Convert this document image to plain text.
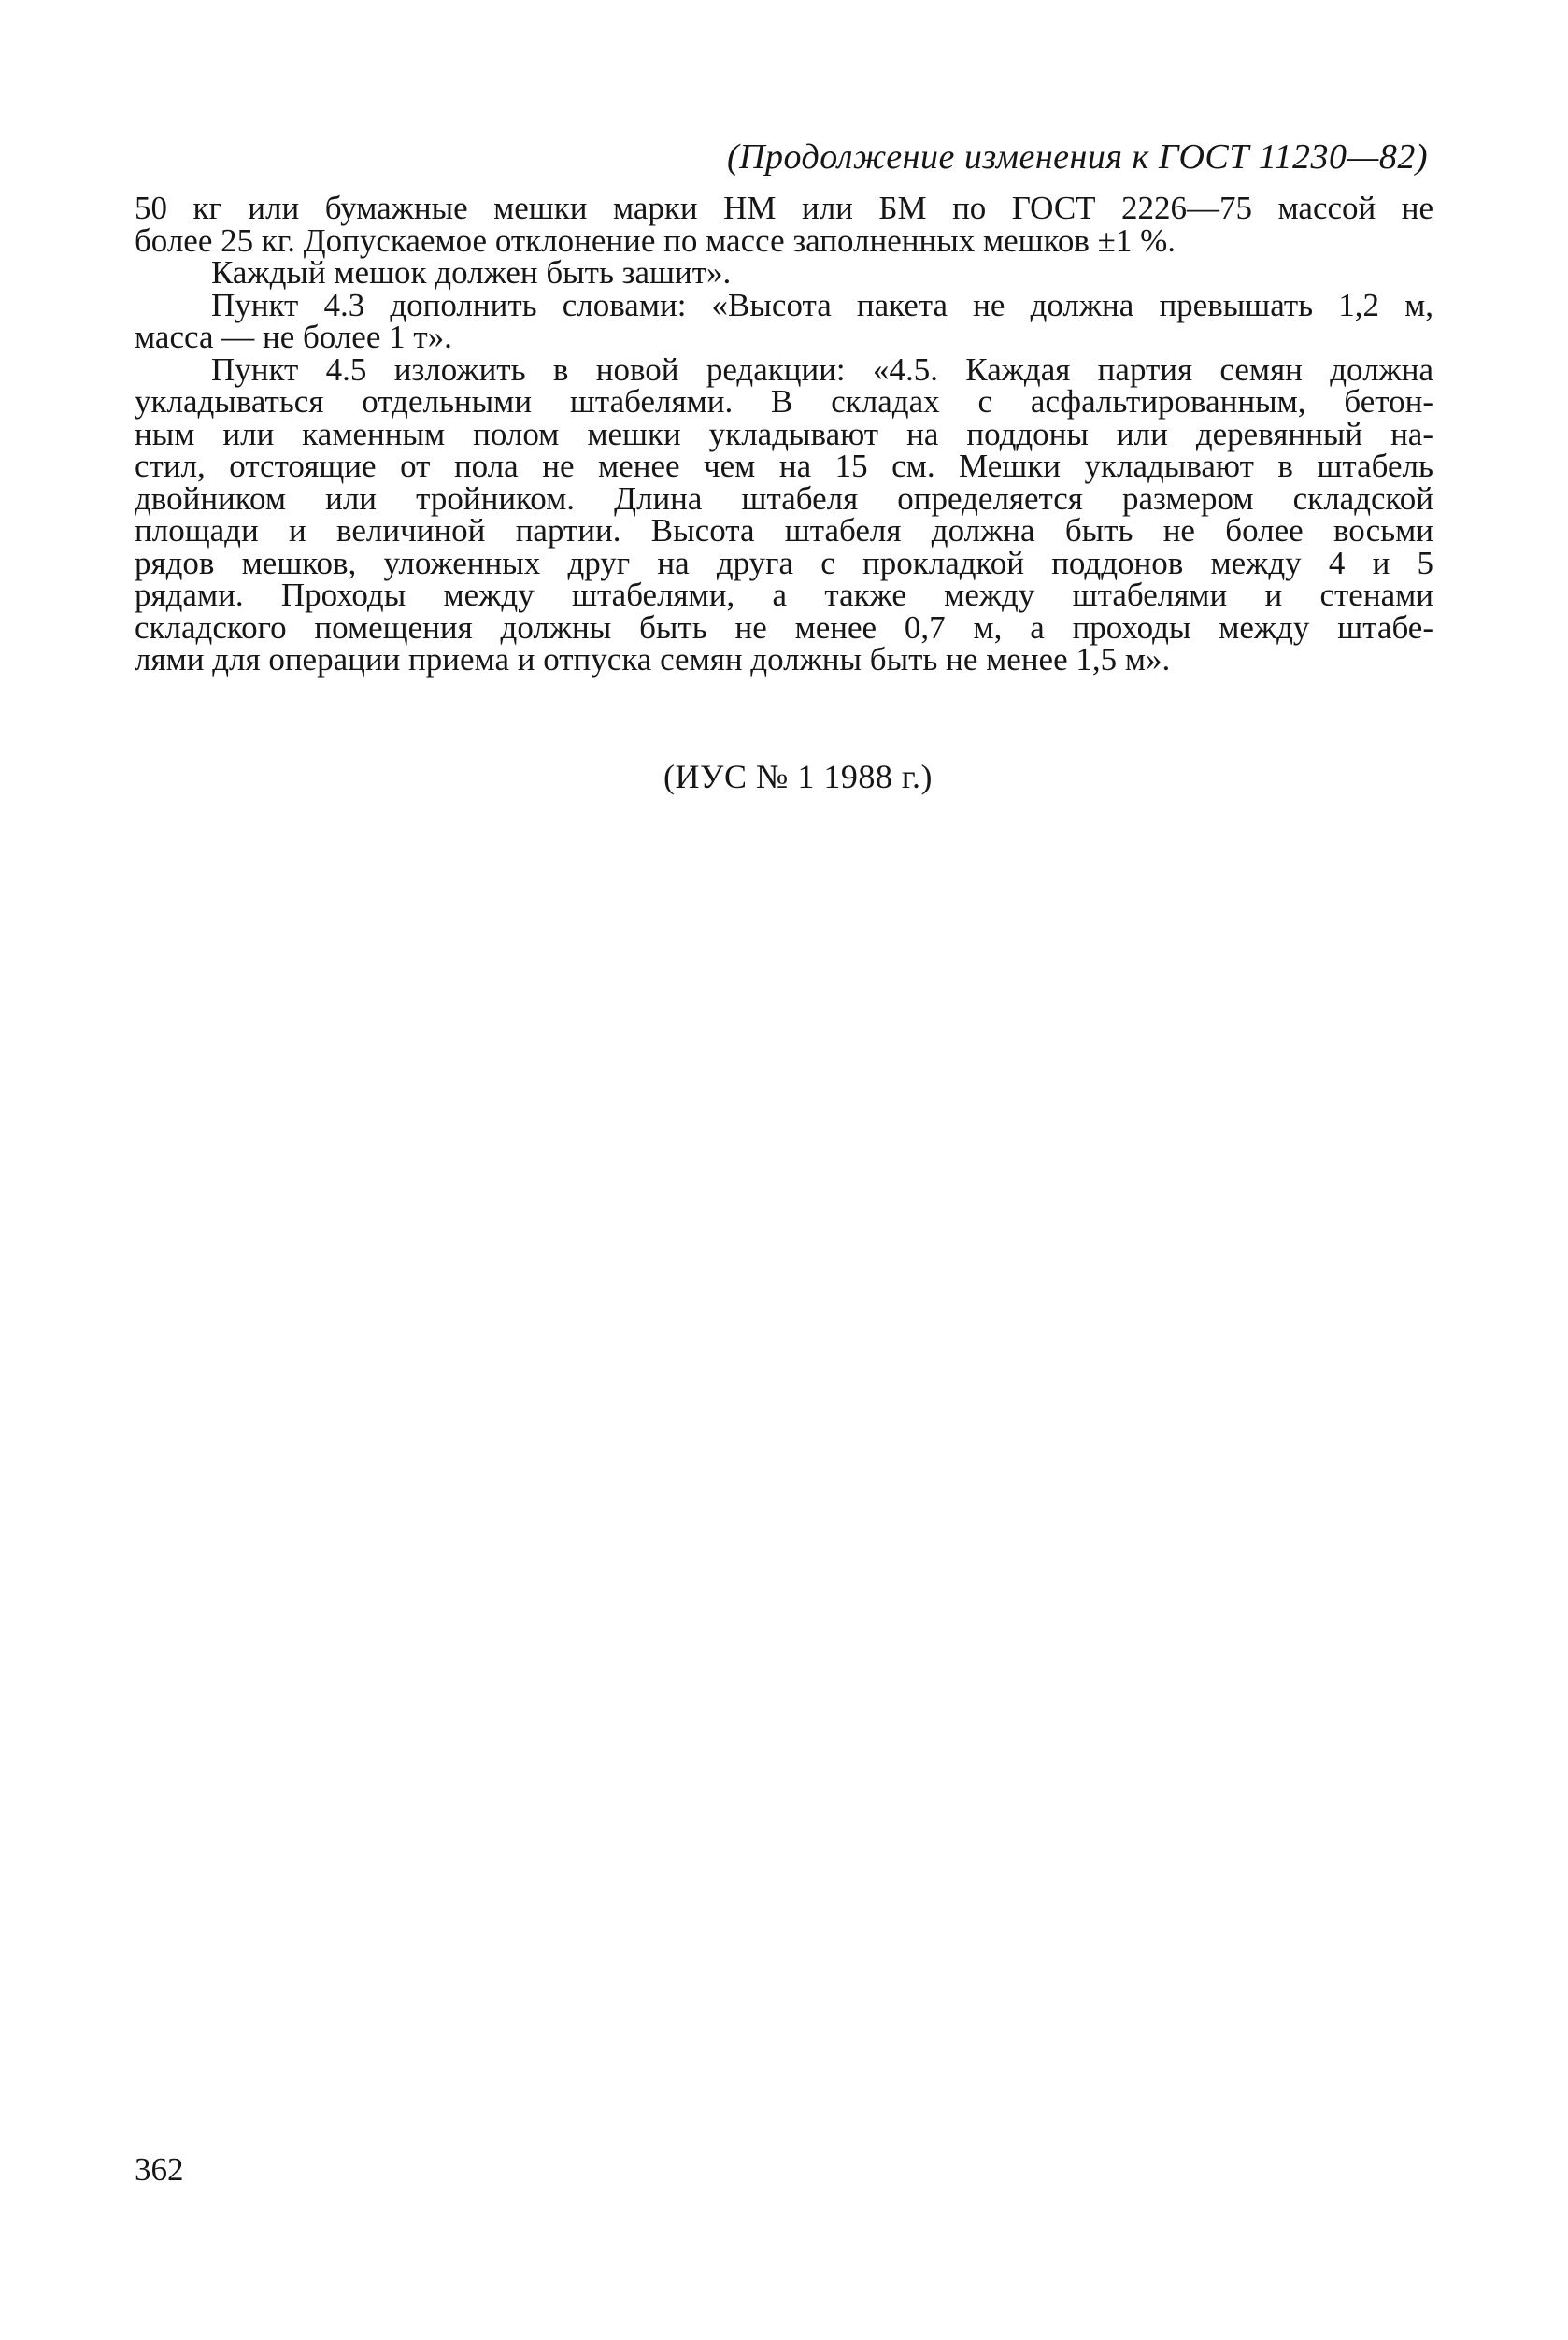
(Продолжение изменения к ГОСТ 11230—82)

50 кг или бумажные мешки марки НМ или БМ по ГОСТ 2226—75 массой не
более 25 кг. Допускаемое отклонение по массе заполненных мешков ±1 %.

Каждый мешок должен быть зашит».

Пункт 4.3 дополнить словами: «Высота пакета не должна превышать 1,2 м,

масса — не более 1 т».

Пункт 4.5 изложить в новой редакции: «4.5. Каждая партия семян должна

укладываться отдельными штабелями. В складах с асфальтированным, бетон-
ным или каменным полом мешки укладывают на поддоны или деревянный на-
стил, отстоящие от пола не менее чем на 15 см. Мешки укладывают в штабель
двойником или тройником. Длина штабеля определяется размером складской
площади и величиной партии. Высота штабеля должна быть не более восьми
рядов мешков, уложенных друг на друга с прокладкой поддонов между 4 и 5
рядами. Проходы между штабелями, а также между штабелями и стенами
складского помещения должны быть не менее 0,7 м, а проходы между штабе-
лями для операции приема и отпуска семян должны быть не менее 1,5 м».

(ИУС № 1 1988 г.)
362
